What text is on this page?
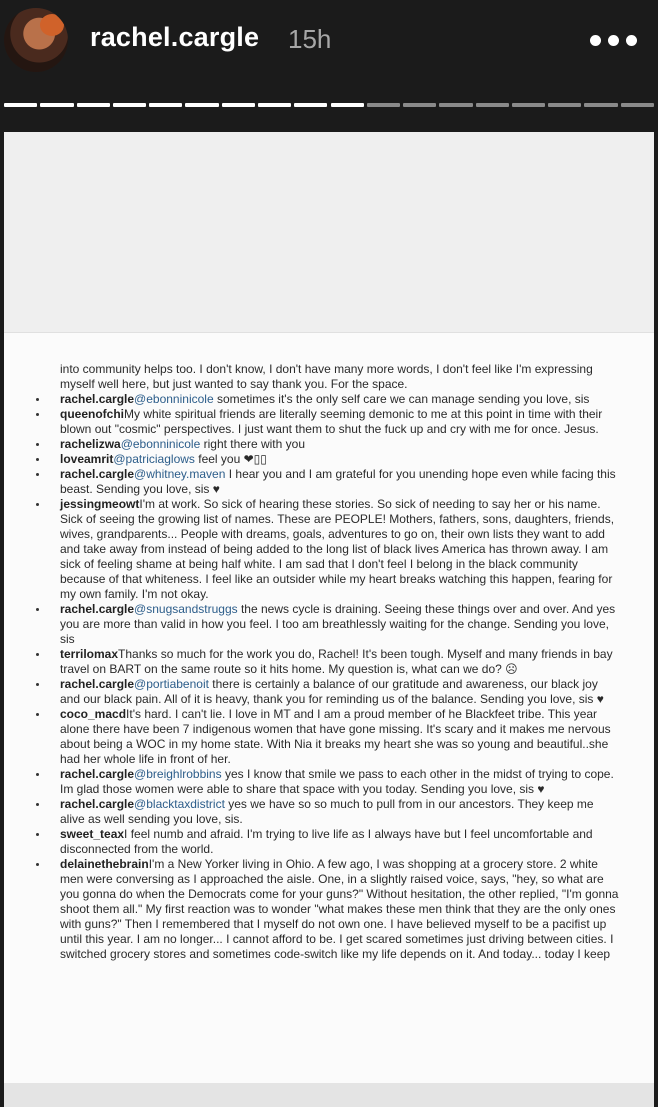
rachel.cargle 15h
into community helps too. I don't know, I don't have many more words, I don't feel like I'm expressing myself well here, but just wanted to say thank you. For the space.
rachel.cargle@ebonninicole sometimes it's the only self care we can manage sending you love, sis
queenofchiMy white spiritual friends are literally seeming demonic to me at this point in time with their blown out "cosmic" perspectives. I just want them to shut the fuck up and cry with me for once. Jesus.
rachelizwa@ebonninicole right there with you
loveamrit@patriciaglows feel you ❤▯▯
rachel.cargle@whitney.maven I hear you and I am grateful for you unending hope even while facing this beast. Sending you love, sis ♥
jessingmeowtI'm at work. So sick of hearing these stories. So sick of needing to say her or his name. Sick of seeing the growing list of names. These are PEOPLE! Mothers, fathers, sons, daughters, friends, wives, grandparents... People with dreams, goals, adventures to go on, their own lists they want to add and take away from instead of being added to the long list of black lives America has thrown away. I am sick of feeling shame at being half white. I am sad that I don't feel I belong in the black community because of that whiteness. I feel like an outsider while my heart breaks watching this happen, fearing for my own family. I'm not okay.
rachel.cargle@snugsandstruggs the news cycle is draining. Seeing these things over and over. And yes you are more than valid in how you feel. I too am breathlessly waiting for the change. Sending you love, sis
terrilomaxThanks so much for the work you do, Rachel! It's been tough. Myself and many friends in bay travel on BART on the same route so it hits home. My question is, what can we do? ☹
rachel.cargle@portiabenoit there is certainly a balance of our gratitude and awareness, our black joy and our black pain. All of it is heavy, thank you for reminding us of the balance. Sending you love, sis ♥
coco_macdIt's hard. I can't lie. I love in MT and I am a proud member of he Blackfeet tribe. This year alone there have been 7 indigenous women that have gone missing. It's scary and it makes me nervous about being a WOC in my home state. With Nia it breaks my heart she was so young and beautiful..she had her whole life in front of her.
rachel.cargle@breighlrobbins yes I know that smile we pass to each other in the midst of trying to cope. Im glad those women were able to share that space with you today. Sending you love, sis ♥
rachel.cargle@blacktaxdistrict yes we have so so much to pull from in our ancestors. They keep me alive as well sending you love, sis.
sweet_teaxI feel numb and afraid. I'm trying to live life as I always have but I feel uncomfortable and disconnected from the world.
delainethebrainI'm a New Yorker living in Ohio. A few ago, I was shopping at a grocery store. 2 white men were conversing as I approached the aisle. One, in a slightly raised voice, says, "hey, so what are you gonna do when the Democrats come for your guns?" Without hesitation, the other replied, "I'm gonna shoot them all." My first reaction was to wonder "what makes these men think that they are the only ones with guns?" Then I remembered that I myself do not own one. I have believed myself to be a pacifist up until this year. I am no longer... I cannot afford to be. I get scared sometimes just driving between cities. I switched grocery stores and sometimes code-switch like my life depends on it. And today... today I keep
